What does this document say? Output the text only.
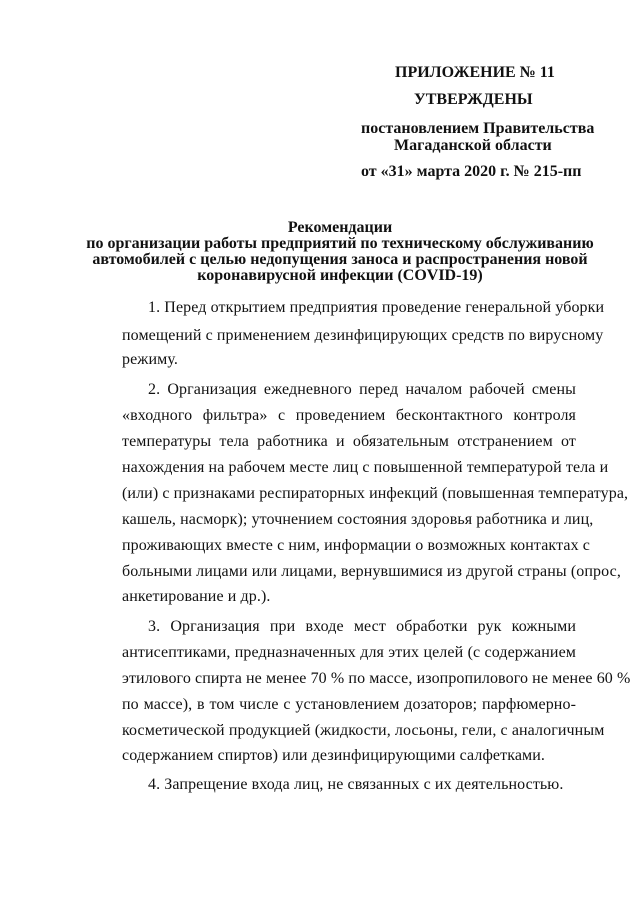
ПРИЛОЖЕНИЕ № 11
УТВЕРЖДЕНЫ
постановлением Правительства
Магаданской области
от «31» марта 2020 г. № 215-пп
Рекомендации
по организации работы предприятий по техническому обслуживанию
автомобилей с целью недопущения заноса и распространения новой
коронавирусной инфекции (COVID-19)
1. Перед открытием предприятия проведение генеральной уборки
помещений с применением дезинфицирующих средств по вирусному
режиму.
2. Организация ежедневного перед началом рабочей смены
«входного фильтра» с проведением бесконтактного контроля
температуры тела работника и обязательным отстранением от
нахождения на рабочем месте лиц с повышенной температурой тела и
(или) с признаками респираторных инфекций (повышенная температура,
кашель, насморк); уточнением состояния здоровья работника и лиц,
проживающих вместе с ним, информации о возможных контактах с
больными лицами или лицами, вернувшимися из другой страны (опрос,
анкетирование и др.).
3. Организация при входе мест обработки рук кожными
антисептиками, предназначенных для этих целей (с содержанием
этилового спирта не менее 70 % по массе, изопропилового не менее 60 %
по массе), в том числе с установлением дозаторов; парфюмерно-
косметической продукцией (жидкости, лосьоны, гели, с аналогичным
содержанием спиртов) или дезинфицирующими салфетками.
4. Запрещение входа лиц, не связанных с их деятельностью.
